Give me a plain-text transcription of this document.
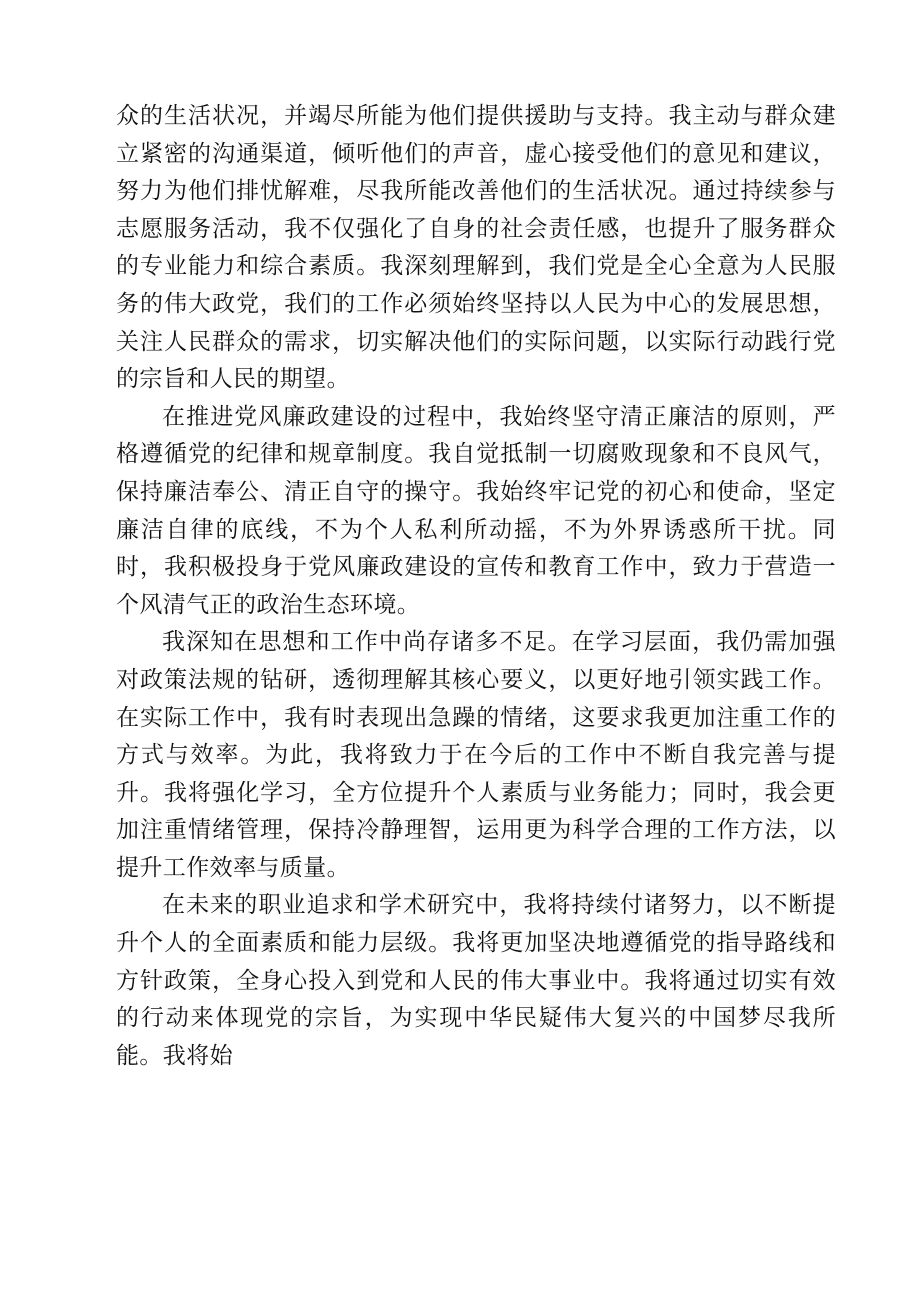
众的生活状况，并竭尽所能为他们提供援助与支持。我主动与群众建立紧密的沟通渠道，倾听他们的声音，虚心接受他们的意见和建议，努力为他们排忧解难，尽我所能改善他们的生活状况。通过持续参与志愿服务活动，我不仅强化了自身的社会责任感，也提升了服务群众的专业能力和综合素质。我深刻理解到，我们党是全心全意为人民服务的伟大政党，我们的工作必须始终坚持以人民为中心的发展思想，关注人民群众的需求，切实解决他们的实际问题，以实际行动践行党的宗旨和人民的期望。

在推进党风廉政建设的过程中，我始终坚守清正廉洁的原则，严格遵循党的纪律和规章制度。我自觉抵制一切腐败现象和不良风气，保持廉洁奉公、清正自守的操守。我始终牢记党的初心和使命，坚定廉洁自律的底线，不为个人私利所动摇，不为外界诱惑所干扰。同时，我积极投身于党风廉政建设的宣传和教育工作中，致力于营造一个风清气正的政治生态环境。

我深知在思想和工作中尚存诸多不足。在学习层面，我仍需加强对政策法规的钻研，透彻理解其核心要义，以更好地引领实践工作。在实际工作中，我有时表现出急躁的情绪，这要求我更加注重工作的方式与效率。为此，我将致力于在今后的工作中不断自我完善与提升。我将强化学习，全方位提升个人素质与业务能力；同时，我会更加注重情绪管理，保持冷静理智，运用更为科学合理的工作方法，以提升工作效率与质量。

在未来的职业追求和学术研究中，我将持续付诸努力，以不断提升个人的全面素质和能力层级。我将更加坚决地遵循党的指导路线和方针政策，全身心投入到党和人民的伟大事业中。我将通过切实有效的行动来体现党的宗旨，为实现中华民疑伟大复兴的中国梦尽我所能。我将始
